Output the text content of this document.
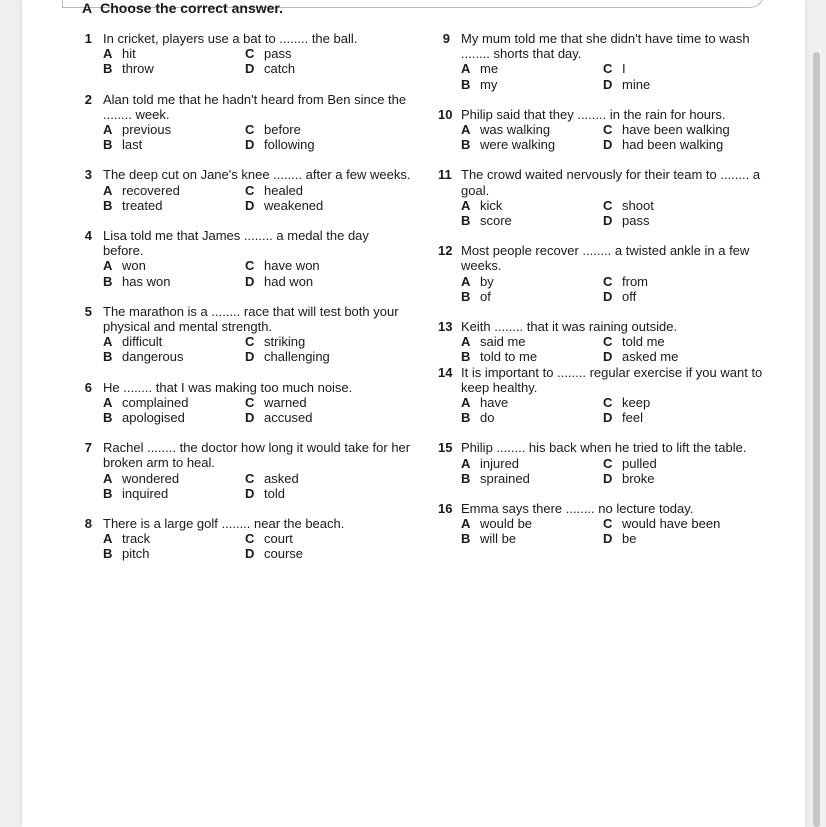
A Choose the correct answer.
1 In cricket, players use a bat to ........ the ball.
A hit
B throw
C pass
D catch
2 Alan told me that he hadn't heard from Ben since the ........ week.
A previous
B last
C before
D following
3 The deep cut on Jane's knee ........ after a few weeks.
A recovered
B treated
C healed
D weakened
4 Lisa told me that James ........ a medal the day before.
A won
B has won
C have won
D had won
5 The marathon is a ........ race that will test both your physical and mental strength.
A difficult
B dangerous
C striking
D challenging
6 He ........ that I was making too much noise.
A complained
B apologised
C warned
D accused
7 Rachel ........ the doctor how long it would take for her broken arm to heal.
A wondered
B inquired
C asked
D told
8 There is a large golf ........ near the beach.
A track
B pitch
C court
D course
9 My mum told me that she didn't have time to wash ........ shorts that day.
A me
B my
C I
D mine
10 Philip said that they ........ in the rain for hours.
A was walking
B were walking
C have been walking
D had been walking
11 The crowd waited nervously for their team to ........ a goal.
A kick
B score
C shoot
D pass
12 Most people recover ........ a twisted ankle in a few weeks.
A by
B of
C from
D off
13 Keith ........ that it was raining outside.
A said me
B told to me
C told me
D asked me
14 It is important to ........ regular exercise if you want to keep healthy.
A have
B do
C keep
D feel
15 Philip ........ his back when he tried to lift the table.
A injured
B sprained
C pulled
D broke
16 Emma says there ........ no lecture today.
A would be
B will be
C would have been
D be
